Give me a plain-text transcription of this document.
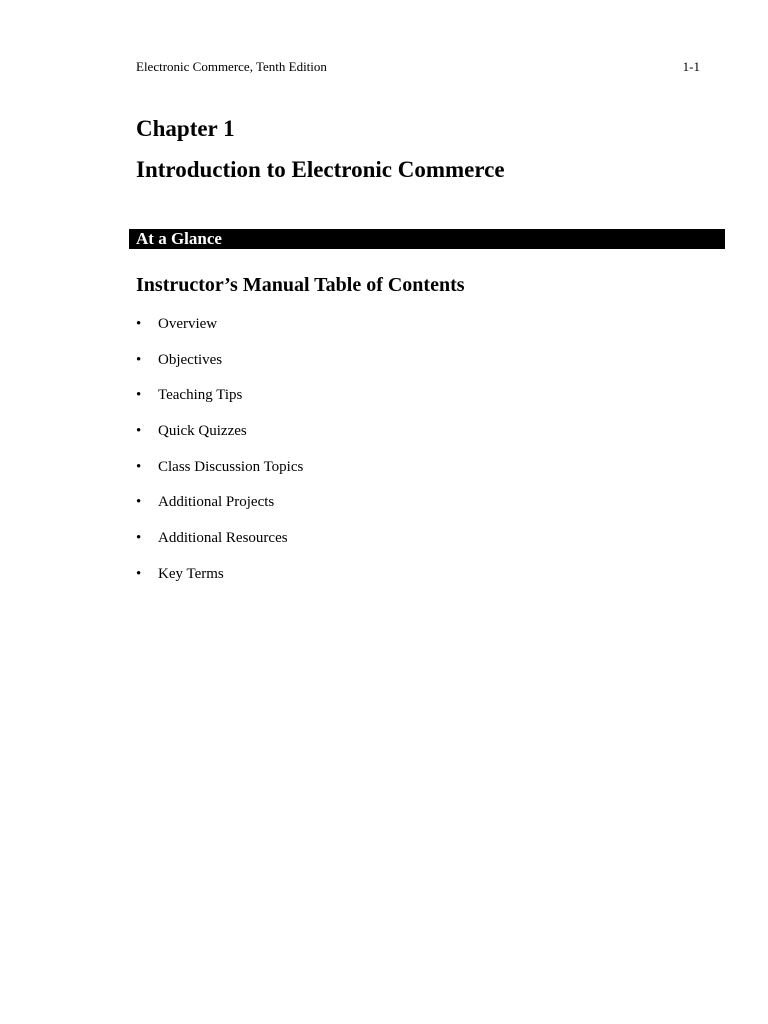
Electronic Commerce, Tenth Edition	1-1
Chapter 1
Introduction to Electronic Commerce
At a Glance
Instructor’s Manual Table of Contents
• Overview
• Objectives
• Teaching Tips
• Quick Quizzes
• Class Discussion Topics
• Additional Projects
• Additional Resources
• Key Terms
